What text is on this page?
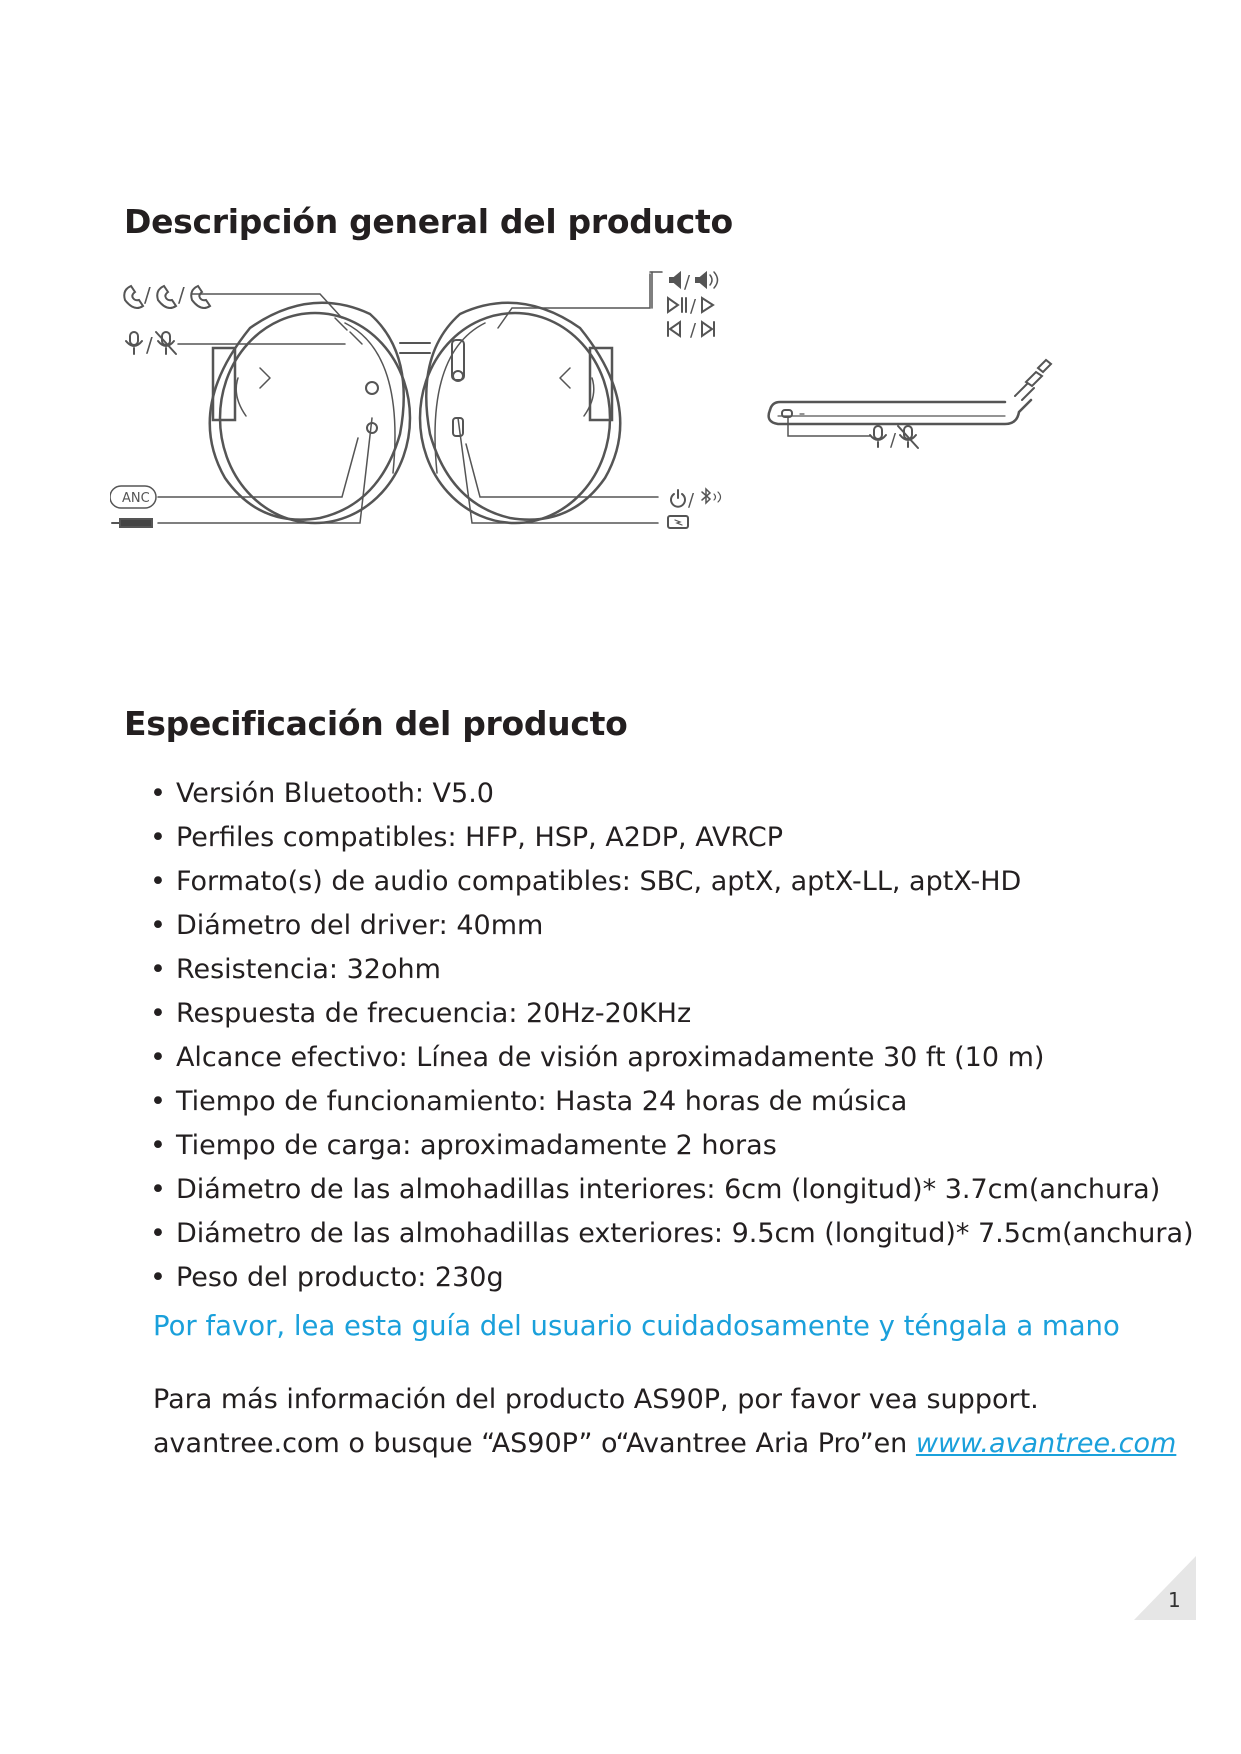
Descripción general del producto
/ /
/
ANC
/
/
/
/
/
Especificación del producto
• Versión Bluetooth: V5.0
• Perfiles compatibles: HFP, HSP, A2DP, AVRCP
• Formato(s) de audio compatibles: SBC, aptX, aptX-LL, aptX-HD
• Diámetro del driver: 40mm
• Resistencia: 32ohm
• Respuesta de frecuencia: 20Hz-20KHz
• Alcance efectivo: Línea de visión aproximadamente 30 ft (10 m)
• Tiempo de funcionamiento: Hasta 24 horas de música
• Tiempo de carga: aproximadamente 2 horas
• Diámetro de las almohadillas interiores: 6cm (longitud)* 3.7cm(anchura)
• Diámetro de las almohadillas exteriores: 9.5cm (longitud)* 7.5cm(anchura)
• Peso del producto: 230g
Por favor, lea esta guía del usuario cuidadosamente y téngala a mano
Para más información del producto AS90P, por favor vea support.
avantree.com o busque “AS90P” o“Avantree Aria Pro”en www.avantree.com
1
